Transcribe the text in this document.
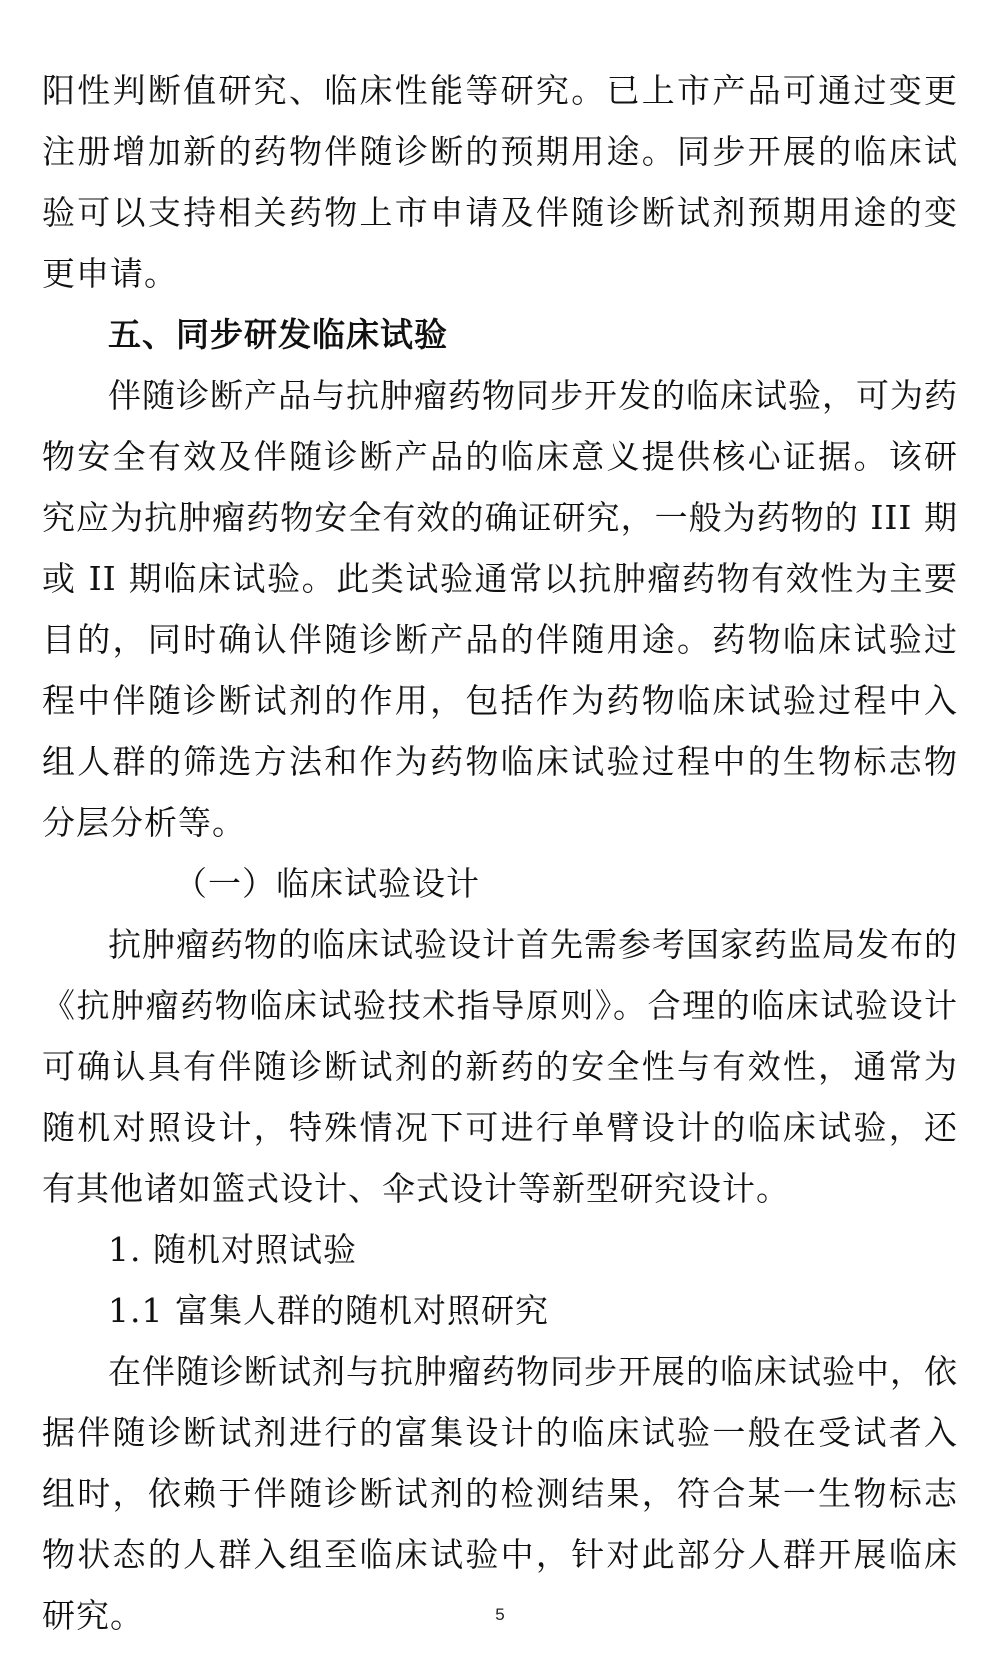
阳性判断值研究、临床性能等研究。已上市产品可通过变更注册增加新的药物伴随诊断的预期用途。同步开展的临床试验可以支持相关药物上市申请及伴随诊断试剂预期用途的变更申请。

五、同步研发临床试验

伴随诊断产品与抗肿瘤药物同步开发的临床试验，可为药物安全有效及伴随诊断产品的临床意义提供核心证据。该研究应为抗肿瘤药物安全有效的确证研究，一般为药物的 III 期或 II 期临床试验。此类试验通常以抗肿瘤药物有效性为主要目的，同时确认伴随诊断产品的伴随用途。药物临床试验过程中伴随诊断试剂的作用，包括作为药物临床试验过程中入组人群的筛选方法和作为药物临床试验过程中的生物标志物分层分析等。

（一）临床试验设计

抗肿瘤药物的临床试验设计首先需参考国家药监局发布的《抗肿瘤药物临床试验技术指导原则》。合理的临床试验设计可确认具有伴随诊断试剂的新药的安全性与有效性，通常为随机对照设计，特殊情况下可进行单臂设计的临床试验，还有其他诸如篮式设计、伞式设计等新型研究设计。

1. 随机对照试验

1.1 富集人群的随机对照研究

在伴随诊断试剂与抗肿瘤药物同步开展的临床试验中，依据伴随诊断试剂进行的富集设计的临床试验一般在受试者入组时，依赖于伴随诊断试剂的检测结果，符合某一生物标志物状态的人群入组至临床试验中，针对此部分人群开展临床研究。	5
